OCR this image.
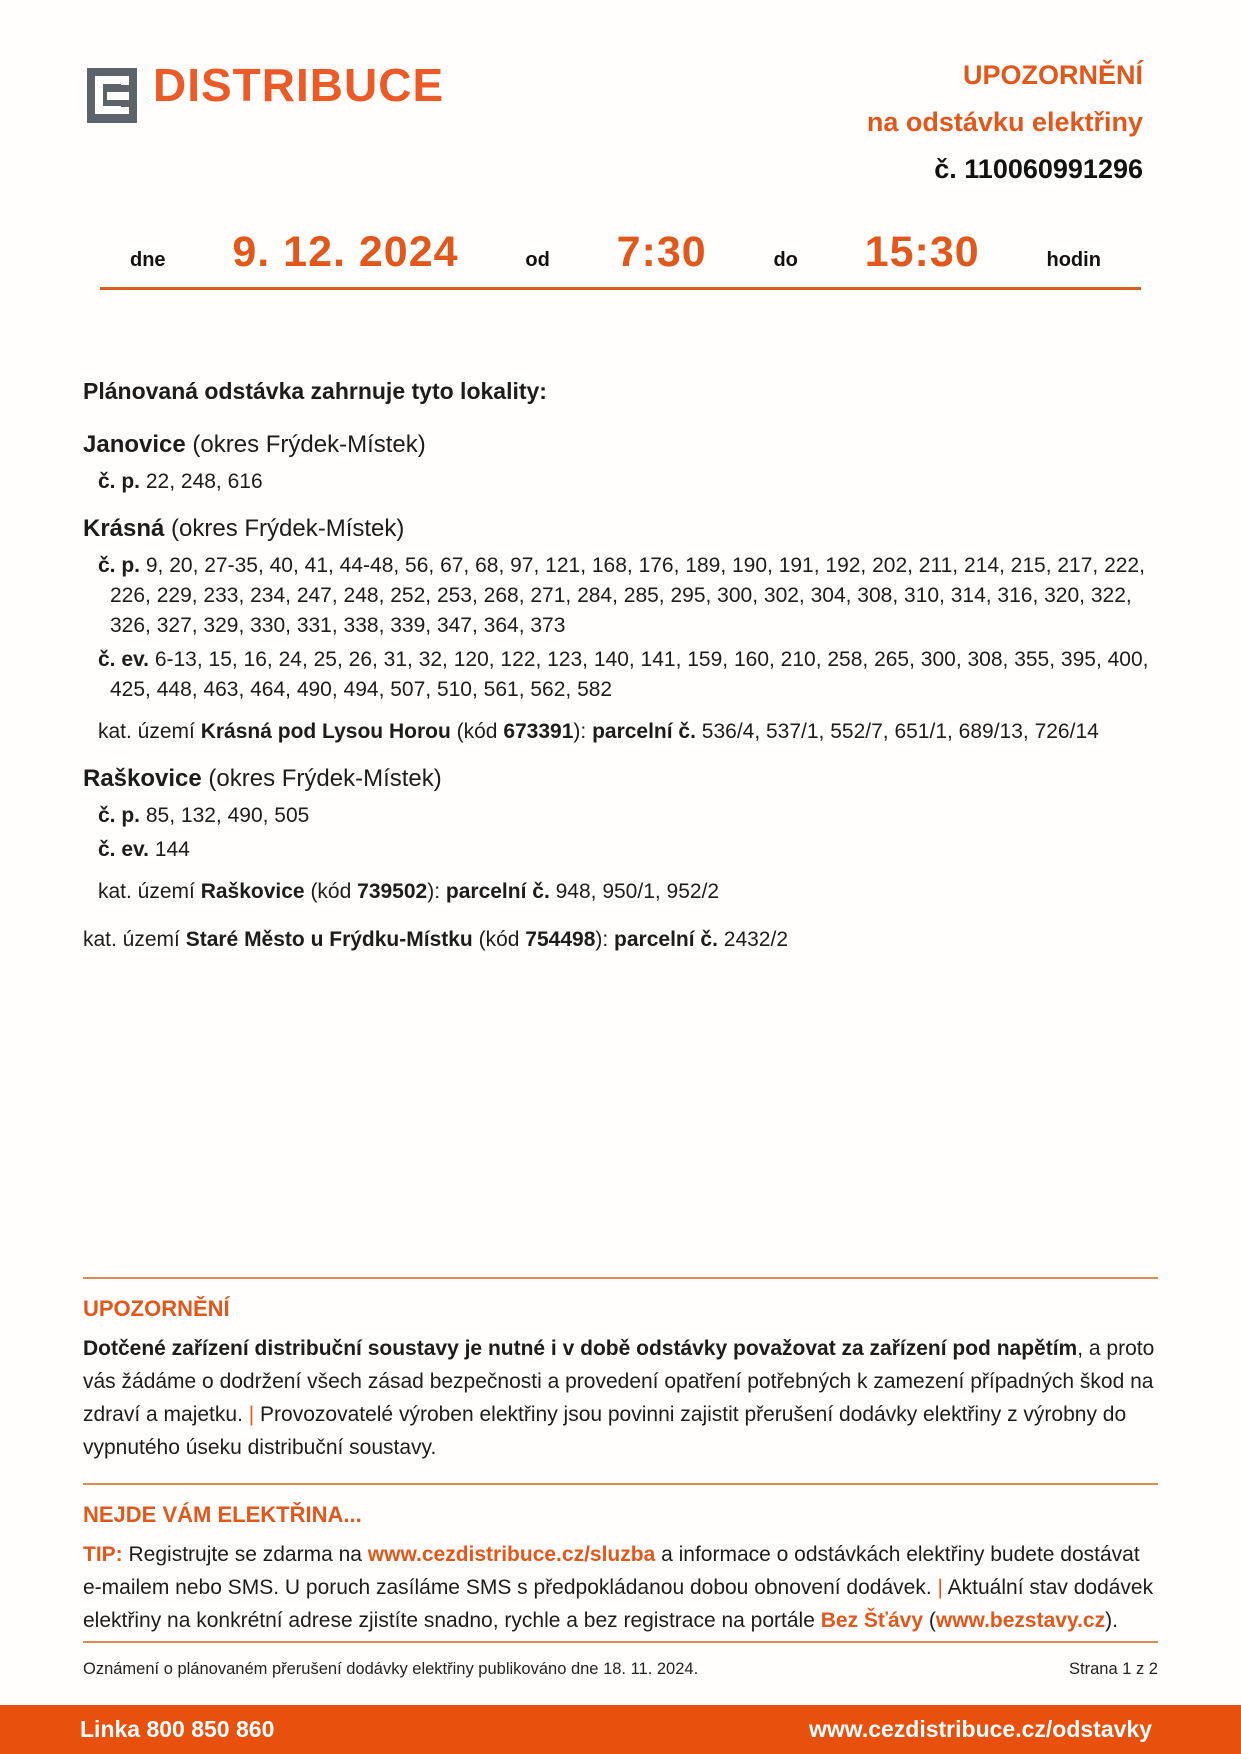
DISTRIBUCE	UPOZORNĚNÍ
na odstávku elektřiny
č. 110060991296
dne 9. 12. 2024	od 7:30	do 15:30	hodin
Plánovaná odstávka zahrnuje tyto lokality:
Janovice (okres Frýdek-Místek)
č. p. 22, 248, 616
Krásná (okres Frýdek-Místek)
č. p. 9, 20, 27-35, 40, 41, 44-48, 56, 67, 68, 97, 121, 168, 176, 189, 190, 191, 192, 202, 211, 214, 215, 217, 222, 226, 229, 233, 234, 247, 248, 252, 253, 268, 271, 284, 285, 295, 300, 302, 304, 308, 310, 314, 316, 320, 322, 326, 327, 329, 330, 331, 338, 339, 347, 364, 373
č. ev. 6-13, 15, 16, 24, 25, 26, 31, 32, 120, 122, 123, 140, 141, 159, 160, 210, 258, 265, 300, 308, 355, 395, 400, 425, 448, 463, 464, 490, 494, 507, 510, 561, 562, 582
kat. území Krásná pod Lysou Horou (kód 673391): parcelní č. 536/4, 537/1, 552/7, 651/1, 689/13, 726/14
Raškovice (okres Frýdek-Místek)
č. p. 85, 132, 490, 505
č. ev. 144
kat. území Raškovice (kód 739502): parcelní č. 948, 950/1, 952/2
kat. území Staré Město u Frýdku-Místku (kód 754498): parcelní č. 2432/2
UPOZORNĚNÍ
Dotčené zařízení distribuční soustavy je nutné i v době odstávky považovat za zařízení pod napětím, a proto vás žádáme o dodržení všech zásad bezpečnosti a provedení opatření potřebných k zamezení případných škod na zdraví a majetku. | Provozovatelé výroben elektřiny jsou povinni zajistit přerušení dodávky elektřiny z výrobny do vypnutého úseku distribuční soustavy.
NEJDE VÁM ELEKTŘINA...
TIP: Registrujte se zdarma na www.cezdistribuce.cz/sluzba a informace o odstávkách elektřiny budete dostávat e-mailem nebo SMS. U poruch zasíláme SMS s předpokládanou dobou obnovení dodávek. | Aktuální stav dodávek elektřiny na konkrétní adrese zjistíte snadno, rychle a bez registrace na portále Bez Šťávy (www.bezstavy.cz).
Oznámení o plánovaném přerušení dodávky elektřiny publikováno dne 18. 11. 2024.	Strana 1 z 2
Linka 800 850 860	www.cezdistribuce.cz/odstavky
